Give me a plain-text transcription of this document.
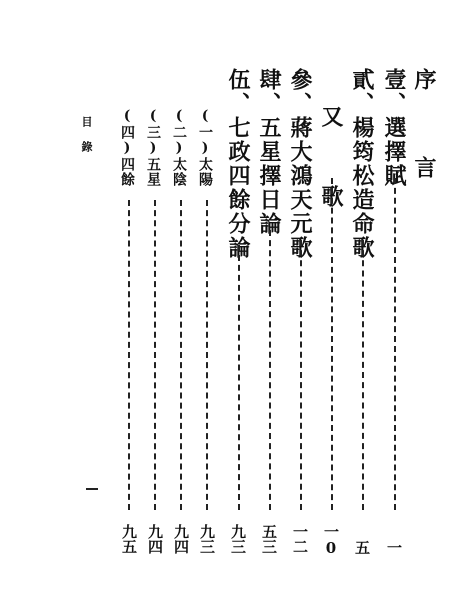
目錄	序　言
壹、選擇賦
一
貳、楊筠松造命歌
五
又　歌
一0
參、蔣大鴻天元歌
一二
肆、五星擇日論
五三
伍、七政四餘分論
九三
(一)太陽
九三
(二)太陰
九四
(三)五星
九四
(四)四餘
九五
